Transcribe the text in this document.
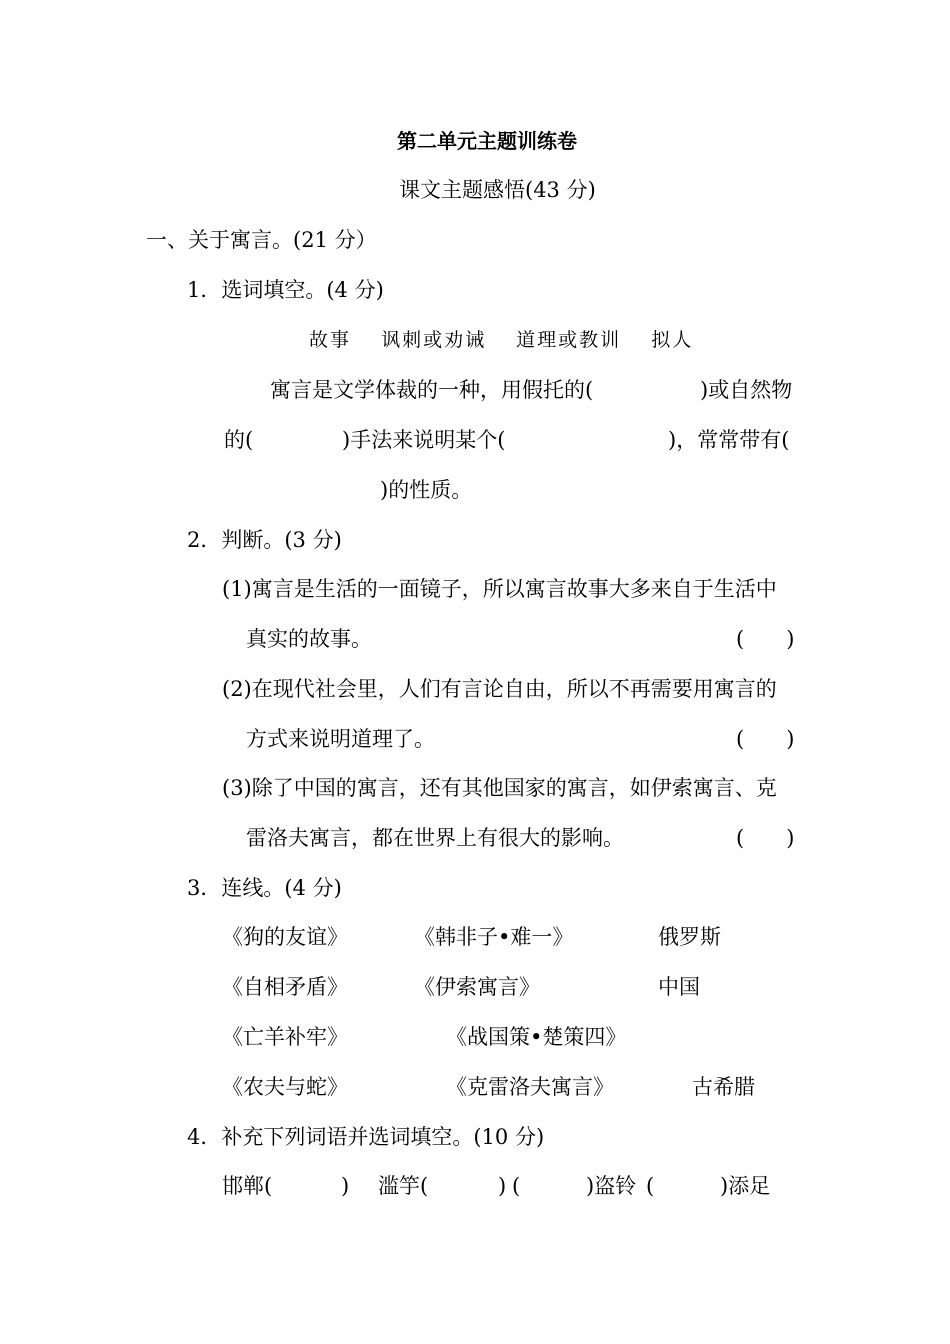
第二单元主题训练卷
课文主题感悟(43 分)
一、关于寓言。(21 分）
1．选词填空。(4 分)
故事 讽刺或劝诫 道理或教训 拟人
寓言是文学体裁的一种，用假托的(	)或自然物
的(	)手法来说明某个(	)，常常带有(
)的性质。
2．判断。(3 分)
(1)寓言是生活的一面镜子，所以寓言故事大多来自于生活中
真实的故事。	(　　)
(2)在现代社会里，人们有言论自由，所以不再需要用寓言的
方式来说明道理了。	(　　)
(3)除了中国的寓言，还有其他国家的寓言，如伊索寓言、克
雷洛夫寓言，都在世界上有很大的影响。	(　　)
3．连线。(4 分)
《狗的友谊》	《韩非子•难一》	俄罗斯
《自相矛盾》	《伊索寓言》	中国
《亡羊补牢》	《战国策•楚策四》
《农夫与蛇》	《克雷洛夫寓言》	古希腊
4．补充下列词语并选词填空。(10 分)
邯郸(	) 滥竽(	) (	)盗铃 (	)添足
